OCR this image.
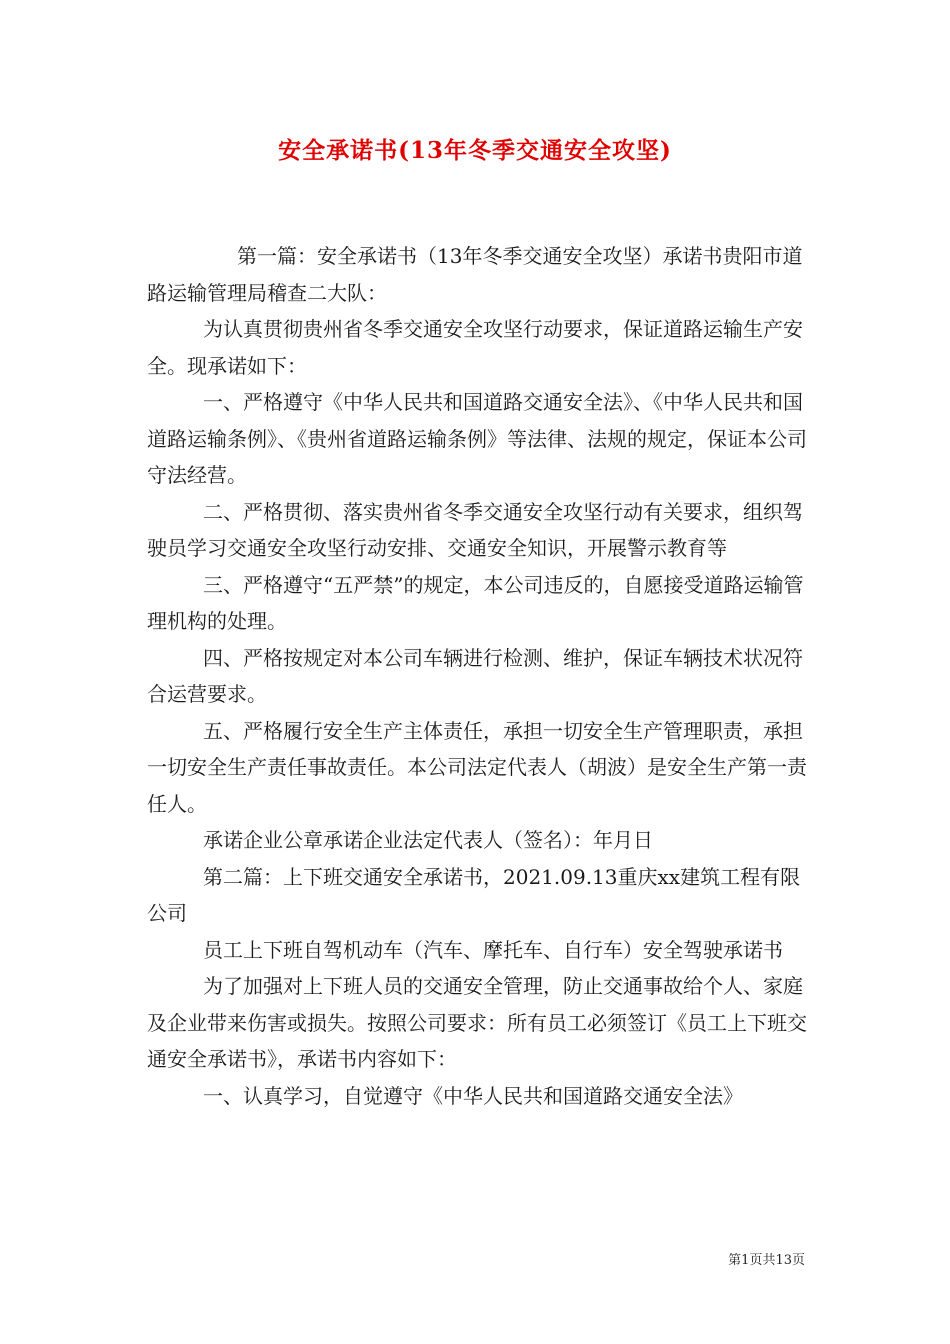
安全承诺书(13年冬季交通安全攻坚)

第一篇：安全承诺书（13年冬季交通安全攻坚）承诺书贵阳市道路运输管理局稽查二大队：

为认真贯彻贵州省冬季交通安全攻坚行动要求，保证道路运输生产安全。现承诺如下：

一、严格遵守《中华人民共和国道路交通安全法》、《中华人民共和国道路运输条例》、《贵州省道路运输条例》等法律、法规的规定，保证本公司守法经营。

二、严格贯彻、落实贵州省冬季交通安全攻坚行动有关要求，组织驾驶员学习交通安全攻坚行动安排、交通安全知识，开展警示教育等

三、严格遵守“五严禁”的规定，本公司违反的，自愿接受道路运输管理机构的处理。

四、严格按规定对本公司车辆进行检测、维护，保证车辆技术状况符合运营要求。

五、严格履行安全生产主体责任，承担一切安全生产管理职责，承担一切安全生产责任事故责任。本公司法定代表人（胡波）是安全生产第一责任人。

承诺企业公章承诺企业法定代表人（签名）：年月日

第二篇：上下班交通安全承诺书，2021.09.13重庆xx建筑工程有限公司

员工上下班自驾机动车（汽车、摩托车、自行车）安全驾驶承诺书

为了加强对上下班人员的交通安全管理，防止交通事故给个人、家庭及企业带来伤害或损失。按照公司要求：所有员工必须签订《员工上下班交通安全承诺书》，承诺书内容如下：

一、认真学习，自觉遵守《中华人民共和国道路交通安全法》

第1页共13页
